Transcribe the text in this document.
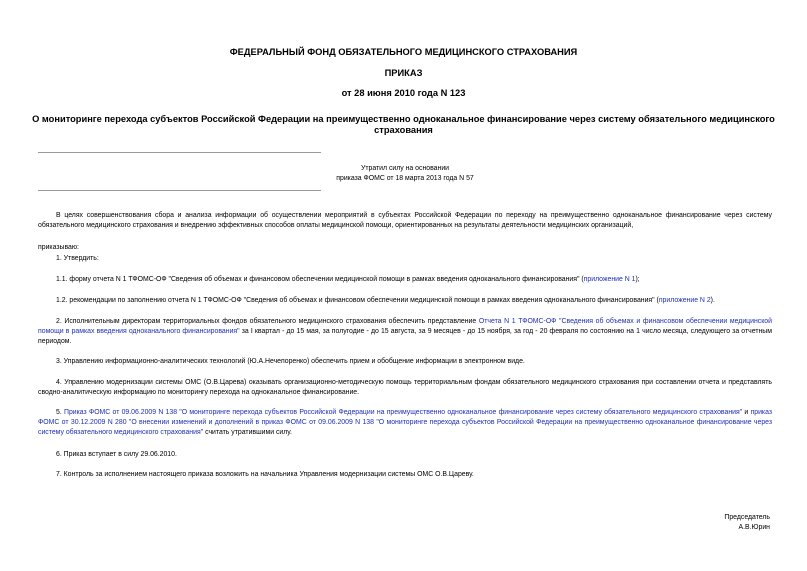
ФЕДЕРАЛЬНЫЙ ФОНД ОБЯЗАТЕЛЬНОГО МЕДИЦИНСКОГО СТРАХОВАНИЯ
ПРИКАЗ
от 28 июня 2010 года N 123
О мониторинге перехода субъектов Российской Федерации на преимущественно одноканальное финансирование через систему обязательного медицинского страхования
Утратил силу на основании
приказа ФОМС от 18 марта 2013 года N 57

В целях совершенствования сбора и анализа информации об осуществлении мероприятий в субъектах Российской Федерации по переходу на преимущественно одноканальное финансирование через систему обязательного медицинского страхования и внедрению эффективных способов оплаты медицинской помощи, ориентированных на результаты деятельности медицинских организаций,

приказываю:

1. Утвердить:

1.1. форму отчета N 1 ТФОМС-ОФ "Сведения об объемах и финансовом обеспечении медицинской помощи в рамках введения одноканального финансирования" (приложение N 1);

1.2. рекомендации по заполнению отчета N 1 ТФОМС-ОФ "Сведения об объемах и финансовом обеспечении медицинской помощи в рамках введения одноканального финансирования" (приложение N 2).

2. Исполнительным директорам территориальных фондов обязательного медицинского страхования обеспечить представление Отчета N 1 ТФОМС-ОФ "Сведения об объемах и финансовом обеспечении медицинской помощи в рамках введения одноканального финансирования" за I квартал - до 15 мая, за полугодие - до 15 августа, за 9 месяцев - до 15 ноября, за год - 20 февраля по состоянию на 1 число месяца, следующего за отчетным периодом.

3. Управлению информационно-аналитических технологий (Ю.А.Нечепоренко) обеспечить прием и обобщение информации в электронном виде.

4. Управлению модернизации системы ОМС (О.В.Царева) оказывать организационно-методическую помощь территориальным фондам обязательного медицинского страхования при составлении отчета и представлять сводно-аналитическую информацию по мониторингу перехода на одноканальное финансирование.

5. Приказ ФОМС от 09.06.2009 N 138 "О мониторинге перехода субъектов Российской Федерации на преимущественно одноканальное финансирование через систему обязательного медицинского страхования" и приказ ФОМС от 30.12.2009 N 280 "О внесении изменений и дополнений в приказ ФОМС от 09.06.2009 N 138 "О мониторинге перехода субъектов Российской Федерации на преимущественно одноканальное финансирование через систему обязательного медицинского страхования" считать утратившими силу.

6. Приказ вступает в силу 29.06.2010.

7. Контроль за исполнением настоящего приказа возложить на начальника Управления модернизации системы ОМС О.В.Цареву.

Председатель
А.В.Юрин
